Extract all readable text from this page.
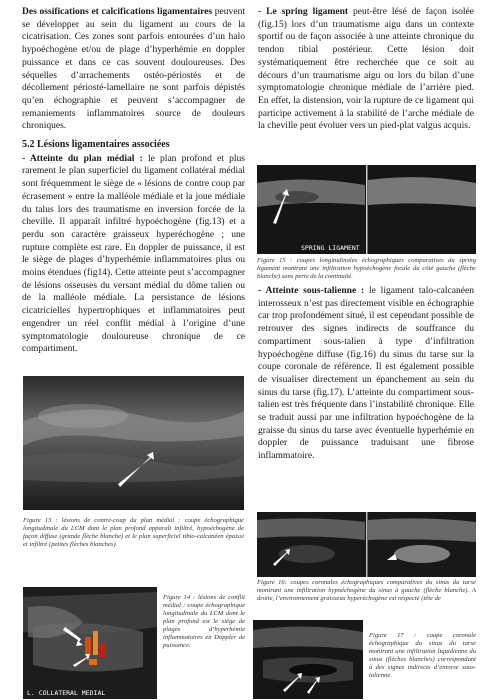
Des ossifications et calcifications ligamentaires peuvent se développer au sein du ligament au cours de la cicatrisation. Ces zones sont parfois entourées d’un halo hypoéchogène et/ou de plage d’hyperhémie en doppler puissance et dans ce cas souvent douloureuses. Des séquelles d’arrachements ostéo-périostés et de décollement périosté-lamellaire ne sont parfois dépistés qu’en échographie et peuvent s’accompagner de remaniements inflammatoires source de douleurs chroniques.

5.2 Lésions ligamentaires associées

- Atteinte du plan médial : le plan profond et plus rarement le plan superficiel du ligament collatéral médial sont fréquemment le siège de « lésions de contre coup par écrasement » entre la malléole médiale et la joue médiale du talus lors des traumatisme en inversion forcée de la cheville. Il apparaît infiltré hypoéchogène (fig.13) et a perdu son caractère graisseux hyperéchogène ; une rupture complète est rare. En doppler de puissance, il est le siège de plages d’hyperhémie inflammatoires plus ou moins étendues (fig14). Cette atteinte peut s’accompagner de lésions osseuses du versant médial du dôme talien ou de la malléole médiale. La persistance de lésions cicatricielles hypertrophiques et inflammatoires peut engendrer un réel conflit médial à l’origine d’une symptomatologie douloureuse chronique de ce compartiment.

Figure 13 : lésions de contre-coup du plan médial : coupe échographique longitudinale du LCM dont le plan profond apparaît infiltré, hypoéchogène de façon diffuse (grande flèche blanche) et le plan superficiel tibio-calcanéen épaissi et infiltré (petites flèches blanches).
L. COLLATERAL MEDIAL
Figure 14 : lésions de conflit médial : coupe échographique longitudinale du LCM dont le plan profond est le siège de plages d’hyperhémie inflammatoires en Doppler de puissance.

- Le spring ligament peut-être lésé de façon isolée (fig.15) lors d’un traumatisme aigu dans un contexte sportif ou de façon associée à une atteinte chronique du tendon tibial postérieur. Cette lésion doit systématiquement être recherchée que ce soit au décours d’un traumatisme aigu ou lors du bilan d’une symptomatologie chronique médiale de l’arrière pied. En effet, la distension, voir la rupture de ce ligament qui participe activement à la stabilité de l’arche médiale de la cheville peut évoluer vers un pied-plat valgus acquis.

SPRING LIGAMENT
Figure 15 : coupes longitudinales échographiques comparatives du spring ligament montrant une infiltration hypoéchogène focale du côté gauche (flèche blanche) sans perte de la continuité.

- Atteinte sous-talienne : le ligament talo-calcanéen interosseux n’est pas directement visible en échographie car trop profondément situé, il est cependant possible de retrouver des signes indirects de souffrance du compartiment sous-talien à type d’infiltration hypoéchogène diffuse (fig.16) du sinus du tarse sur la coupe coronale de référence. Il est également possible de visualiser directement un épanchement au sein du sinus du tarse (fig.17). L’atteinte du compartiment sous-talien est très fréquente dans l’instabilité chronique. Elle se traduit aussi par une infiltration hypoéchogène de la graisse du sinus du tarse avec éventuelle hyperhémie en doppler de puissance traduisant une fibrose inflammatoire.

Figure 16: coupes coronales échographiques comparatives du sinus du tarse montrant une infiltration hypoéchogène du sinus à gauche (flèche blanche). A droite, l’environnement graisseux hyperéchogène est respecté (tête de
Figure 17 : coupe coronale échographique du sinus du tarse montrant une infiltration liquidienne du sinus (flèches blanches) correspondant à des signes indirects d’entorse sous-talienne.
